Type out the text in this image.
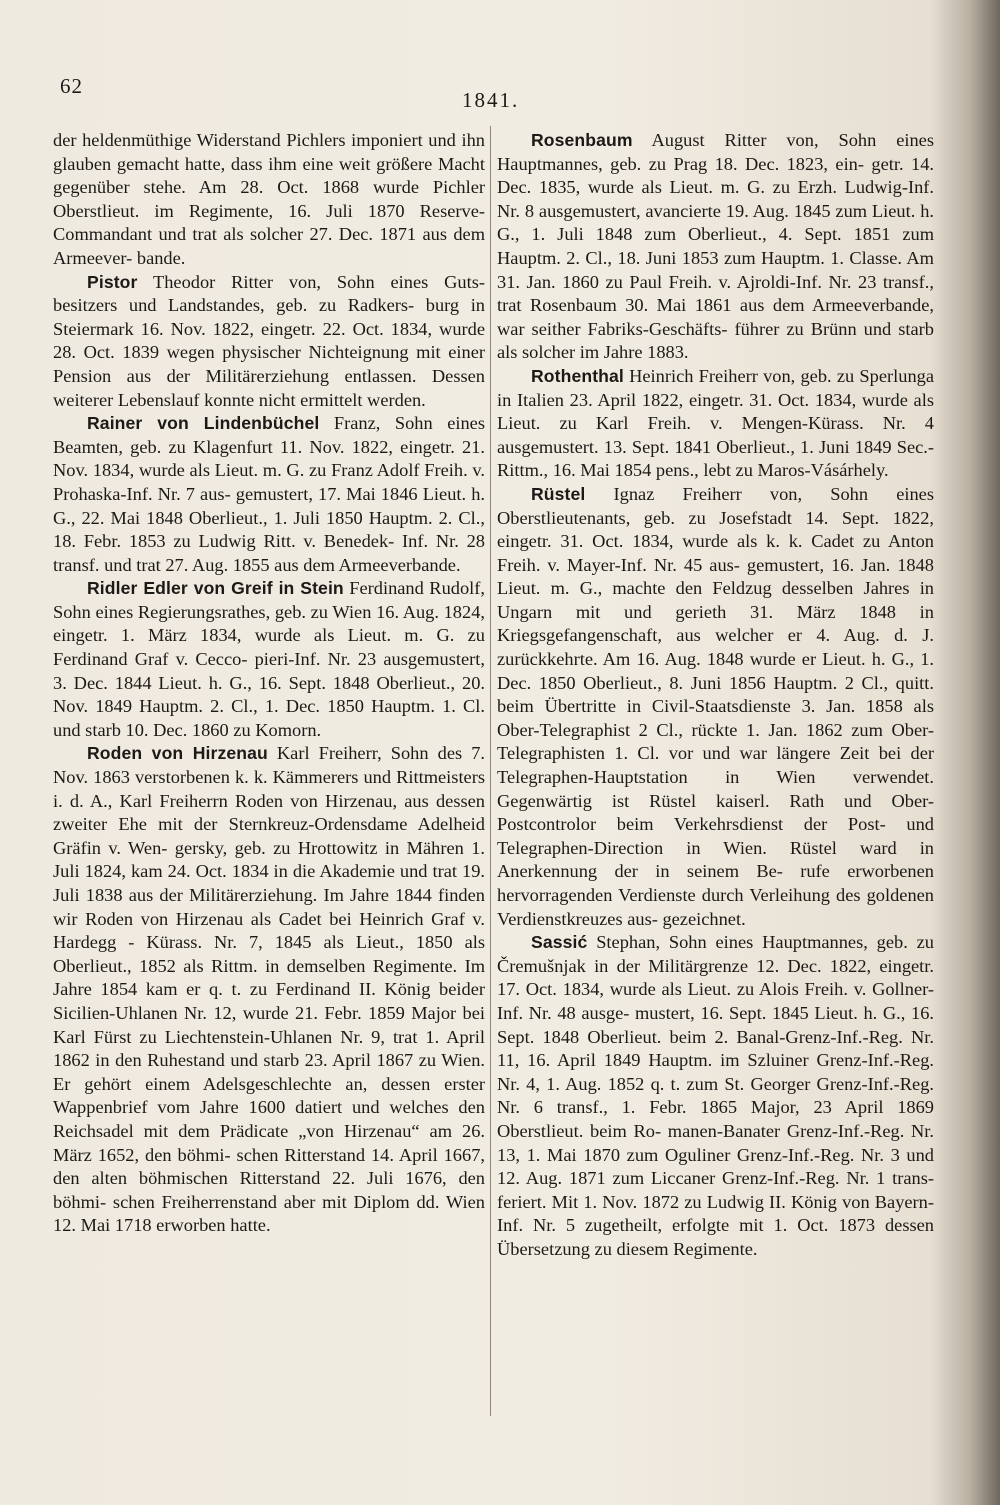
62
1841.

der heldenmüthige Widerstand Pichlers imponiert und ihn glauben gemacht hatte, dass ihm eine weit größere Macht gegenüber stehe. Am 28. Oct. 1868 wurde Pichler Oberstlieut. im Regimente, 16. Juli 1870 Reserve-Commandant und trat als solcher 27. Dec. 1871 aus dem Armeever- bande.

Pistor Theodor Ritter von, Sohn eines Guts- besitzers und Landstandes, geb. zu Radkers- burg in Steiermark 16. Nov. 1822, eingetr. 22. Oct. 1834, wurde 28. Oct. 1839 wegen physischer Nichteignung mit einer Pension aus der Militärerziehung entlassen. Dessen weiterer Lebenslauf konnte nicht ermittelt werden.

Rainer von Lindenbüchel Franz, Sohn eines Beamten, geb. zu Klagenfurt 11. Nov. 1822, eingetr. 21. Nov. 1834, wurde als Lieut. m. G. zu Franz Adolf Freih. v. Prohaska-Inf. Nr. 7 aus- gemustert, 17. Mai 1846 Lieut. h. G., 22. Mai 1848 Oberlieut., 1. Juli 1850 Hauptm. 2. Cl., 18. Febr. 1853 zu Ludwig Ritt. v. Benedek- Inf. Nr. 28 transf. und trat 27. Aug. 1855 aus dem Armeeverbande.

Ridler Edler von Greif in Stein Ferdinand Rudolf, Sohn eines Regierungsrathes, geb. zu Wien 16. Aug. 1824, eingetr. 1. März 1834, wurde als Lieut. m. G. zu Ferdinand Graf v. Cecco- pieri-Inf. Nr. 23 ausgemustert, 3. Dec. 1844 Lieut. h. G., 16. Sept. 1848 Oberlieut., 20. Nov. 1849 Hauptm. 2. Cl., 1. Dec. 1850 Hauptm. 1. Cl. und starb 10. Dec. 1860 zu Komorn.

Roden von Hirzenau Karl Freiherr, Sohn des 7. Nov. 1863 verstorbenen k. k. Kämmerers und Rittmeisters i. d. A., Karl Freiherrn Roden von Hirzenau, aus dessen zweiter Ehe mit der Sternkreuz-Ordensdame Adelheid Gräfin v. Wen- gersky, geb. zu Hrottowitz in Mähren 1. Juli 1824, kam 24. Oct. 1834 in die Akademie und trat 19. Juli 1838 aus der Militärerziehung. Im Jahre 1844 finden wir Roden von Hirzenau als Cadet bei Heinrich Graf v. Hardegg - Kürass. Nr. 7, 1845 als Lieut., 1850 als Oberlieut., 1852 als Rittm. in demselben Regimente. Im Jahre 1854 kam er q. t. zu Ferdinand II. König beider Sicilien-Uhlanen Nr. 12, wurde 21. Febr. 1859 Major bei Karl Fürst zu Liechtenstein-Uhlanen Nr. 9, trat 1. April 1862 in den Ruhestand und starb 23. April 1867 zu Wien. Er gehört einem Adelsgeschlechte an, dessen erster Wappenbrief vom Jahre 1600 datiert und welches den Reichsadel mit dem Prädicate „von Hirzenau“ am 26. März 1652, den böhmi- schen Ritterstand 14. April 1667, den alten böhmischen Ritterstand 22. Juli 1676, den böhmi- schen Freiherrenstand aber mit Diplom dd. Wien 12. Mai 1718 erworben hatte.

Rosenbaum August Ritter von, Sohn eines Hauptmannes, geb. zu Prag 18. Dec. 1823, ein- getr. 14. Dec. 1835, wurde als Lieut. m. G. zu Erzh. Ludwig-Inf. Nr. 8 ausgemustert, avancierte 19. Aug. 1845 zum Lieut. h. G., 1. Juli 1848 zum Oberlieut., 4. Sept. 1851 zum Hauptm. 2. Cl., 18. Juni 1853 zum Hauptm. 1. Classe. Am 31. Jan. 1860 zu Paul Freih. v. Ajroldi-Inf. Nr. 23 transf., trat Rosenbaum 30. Mai 1861 aus dem Armeeverbande, war seither Fabriks-Geschäfts- führer zu Brünn und starb als solcher im Jahre 1883.

Rothenthal Heinrich Freiherr von, geb. zu Sperlunga in Italien 23. April 1822, eingetr. 31. Oct. 1834, wurde als Lieut. zu Karl Freih. v. Mengen-Kürass. Nr. 4 ausgemustert. 13. Sept. 1841 Oberlieut., 1. Juni 1849 Sec.-Rittm., 16. Mai 1854 pens., lebt zu Maros-Vásárhely.

Rüstel Ignaz Freiherr von, Sohn eines Oberstlieutenants, geb. zu Josefstadt 14. Sept. 1822, eingetr. 31. Oct. 1834, wurde als k. k. Cadet zu Anton Freih. v. Mayer-Inf. Nr. 45 aus- gemustert, 16. Jan. 1848 Lieut. m. G., machte den Feldzug desselben Jahres in Ungarn mit und gerieth 31. März 1848 in Kriegsgefangenschaft, aus welcher er 4. Aug. d. J. zurückkehrte. Am 16. Aug. 1848 wurde er Lieut. h. G., 1. Dec. 1850 Oberlieut., 8. Juni 1856 Hauptm. 2 Cl., quitt. beim Übertritte in Civil-Staatsdienste 3. Jan. 1858 als Ober-Telegraphist 2 Cl., rückte 1. Jan. 1862 zum Ober-Telegraphisten 1. Cl. vor und war längere Zeit bei der Telegraphen-Hauptstation in Wien verwendet. Gegenwärtig ist Rüstel kaiserl. Rath und Ober-Postcontrolor beim Verkehrsdienst der Post- und Telegraphen-Direction in Wien. Rüstel ward in Anerkennung der in seinem Be- rufe erworbenen hervorragenden Verdienste durch Verleihung des goldenen Verdienstkreuzes aus- gezeichnet.

Sassić Stephan, Sohn eines Hauptmannes, geb. zu Čremušnjak in der Militärgrenze 12. Dec. 1822, eingetr. 17. Oct. 1834, wurde als Lieut. zu Alois Freih. v. Gollner-Inf. Nr. 48 ausge- mustert, 16. Sept. 1845 Lieut. h. G., 16. Sept. 1848 Oberlieut. beim 2. Banal-Grenz-Inf.-Reg. Nr. 11, 16. April 1849 Hauptm. im Szluiner Grenz-Inf.-Reg. Nr. 4, 1. Aug. 1852 q. t. zum St. Georger Grenz-Inf.-Reg. Nr. 6 transf., 1. Febr. 1865 Major, 23 April 1869 Oberstlieut. beim Ro- manen-Banater Grenz-Inf.-Reg. Nr. 13, 1. Mai 1870 zum Oguliner Grenz-Inf.-Reg. Nr. 3 und 12. Aug. 1871 zum Liccaner Grenz-Inf.-Reg. Nr. 1 trans- feriert. Mit 1. Nov. 1872 zu Ludwig II. König von Bayern-Inf. Nr. 5 zugetheilt, erfolgte mit 1. Oct. 1873 dessen Übersetzung zu diesem Regimente.
